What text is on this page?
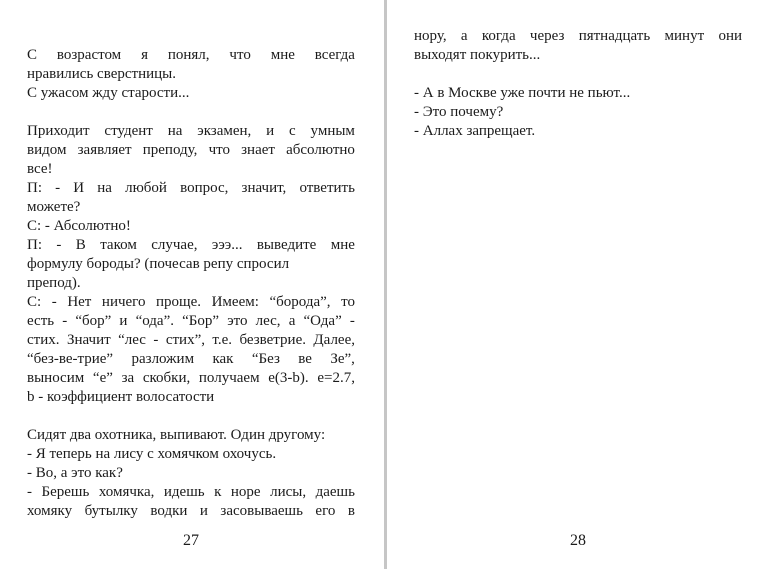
С возрастом я понял, что мне всегда
нравились сверстницы.
С ужасом жду старости...

Приходит студент на экзамен, и с умным
видом заявляет преподу, что знает абсолютно
все!
П: - И на любой вопрос, значит, ответить
можете?
С: - Абсолютно!
П: - В таком случае, эээ... выведите мне
формулу бороды? (почесав репу спросил
препод).
С: - Нет ничего проще. Имеем: “борода”, то
есть - “бор” и “ода”. “Бор” это лес, а “Ода” -
стих. Значит “лес - стих”, т.е. безветрие. Далее,
“без-ве-трие” разложим как “Без ве Зе”,
выносим “е” за скобки, получаем е(3-b). е=2.7,
b - коэффициент волосатости

Сидят два охотника, выпивают. Один другому:
- Я теперь на лису с хомячком охочусь.
- Во, а это как?
- Берешь хомячка, идешь к норе лисы, даешь
хомяку бутылку водки и засовываешь его в
27
нору, а когда через пятнадцать минут они
выходят покурить...

- А в Москве уже почти не пьют...
- Это почему?
- Аллах запрещает.
28
